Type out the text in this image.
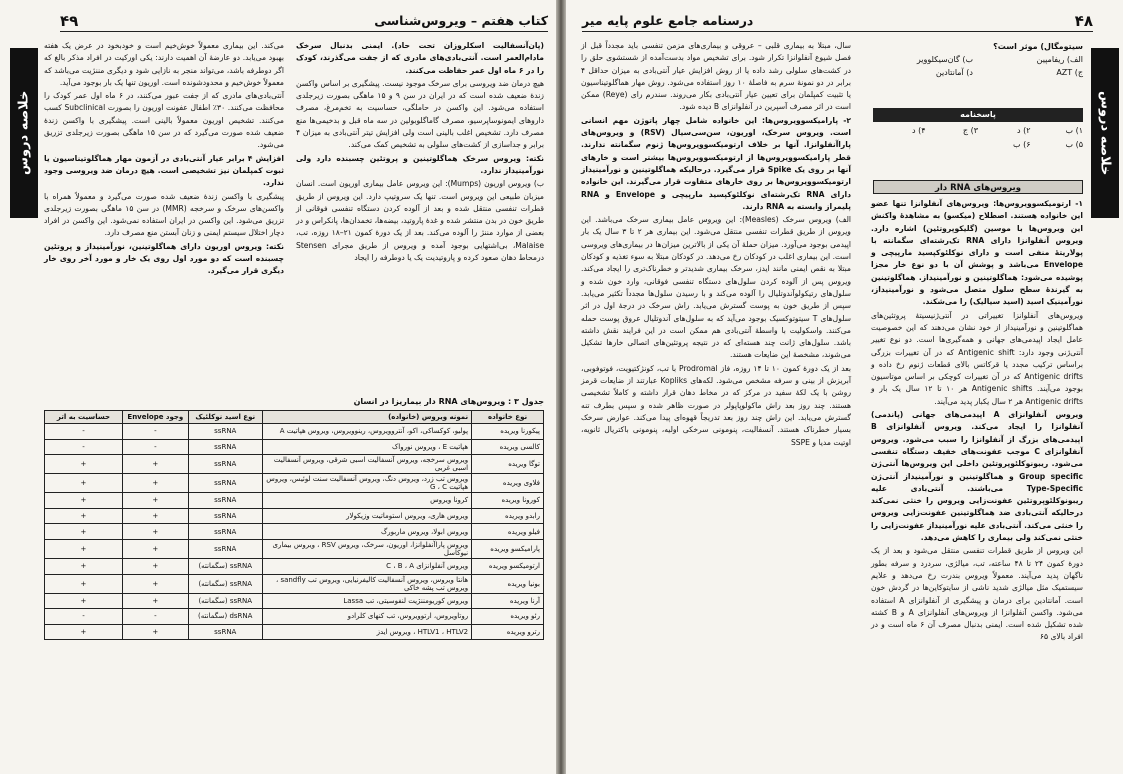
کتاب هفتم – ویروس‌شناسی
۴۹
خلاصه دروس

(پان‌آنسفالیت اسکلروزان تحت حاد). ایمنی بدنبال سرخک مادام‌العمر است. آنتی‌بادی‌های مادری که از جفت می‌گذرند، کودک را در ۶ ماه اول عمر حفاظت می‌کنند.

هیچ درمان ضد ویروسی برای سرخک موجود نیست. پیشگیری بر اساس واکسن زندهٔ ضعیف شده است که در ایران در سن ۹ و ۱۵ ماهگی بصورت زیرجلدی استفاده می‌شود. این واکسن در حاملگی، حساسیت به تخم‌مرغ، مصرف داروهای ایمونوساپرسیو، مصرف گاماگلوبولین در سه ماه قبل و بدخیمی‌ها منع مصرف دارد. تشخیص اغلب بالینی است ولی افزایش تیتر آنتی‌بادی به میزان ۴ برابر و جداسازی از کشت‌های سلولی به تشخیص کمک می‌کند.

نکته: ویروس سرخک هماگلوتینین و پروتئین چسبنده دارد ولی نورآمینیداز ندارد.

ب) ویروس اوریون (Mumps): این ویروس عامل بیماری اوریون است. انسان میزبان طبیعی این ویروس است. تنها یک سروتیپ دارد. این ویروس از طریق قطرات تنفسی منتقل شده و بعد از آلوده کردن دستگاه تنفسی فوقانی از طریق خون در بدن منتشر شده و غدهٔ پاروتید، بیضه‌ها، تخمدان‌ها، پانکراس و در بعضی از موارد مننژ را آلوده می‌کند. بعد از یک دورهٔ کمون ۲۱–۱۸ روزه، تب، Malaise، بی‌اشتهایی بوجود آمده و ویروس از طریق مجرای Stensen درمحاط دهان صعود کرده و پاروتیدیت یک یا دوطرفه را ایجاد

می‌کند. این بیماری معمولاً خوش‌خیم است و خودبخود در عرض یک هفته بهبود می‌یابد. دو عارضهٔ آن اهمیت دارند: یکی اورکیت در افراد مذکر بالغ که اگر دوطرفه باشد، می‌تواند منجر به نازایی شود و دیگری مننژیت می‌باشد که معمولاً خوش‌خیم و محدودشونده است. اوریون تنها یک بار بوجود می‌آید.

آنتی‌بادی‌های مادری که از جفت عبور می‌کنند، در ۶ ماه اول عمر کودک را محافظت می‌کنند. ۳۰٪ اطفال عفونت اوریون را بصورت Subclinical کسب می‌کنند. تشخیص اوریون معمولاً بالینی است. پیشگیری با واکسن زندهٔ ضعیف شده صورت می‌گیرد که در سن ۱۵ ماهگی بصورت زیرجلدی تزریق می‌شود.

افزایش ۴ برابر عیار آنتی‌بادی در آزمون مهار هماگلوتیناسیون یا ثبوت کمپلمان نیز تشخیصی است. هیچ درمان ضد ویروسی وجود ندارد.

پیشگیری با واکسن زندهٔ ضعیف شده صورت می‌گیرد و معمولاً همراه با واکسن‌های سرخک و سرخجه (MMR) در سن ۱۵ ماهگی بصورت زیرجلدی تزریق می‌شود. این واکسن در ایران استفاده نمی‌شود. این واکسن در افراد دچار اختلال سیستم ایمنی و زنان آبستن منع مصرف دارد.

نکته: ویروس اوریون دارای هماگلوتینین، نورآمینیداز و پروتئین چسبنده است که دو مورد اول روی یک خار و مورد آخر روی خار دیگری قرار می‌گیرد.

جدول ۳ : ویروس‌های RNA دار بیماریزا در انسان
نوع خانواده	نمونه ویروس (خانواده)	نوع اسید نوکلئیک	وجود Envelope	حساسیت به اتر
پیکورنا ویریده	پولیو، کوکساکی، اکو، آنتروویروس، رینوویروس، ویروس هپاتیت A	ssRNA	-	-
کالسی ویریده	هپاتیت E ، ویروس نورواک	ssRNA	-	-
توگا ویریده	ویروس سرخجه، ویروس آنسفالیت اسبی شرقی، ویروس آنسفالیت اسبی غربی	ssRNA	+	+
فلاوی ویریده	ویروس تب زرد، ویروس دنگ، ویروس آنسفالیت سنت لوئیس، ویروس هپاتیت G ، C	ssRNA	+	+
کورونا ویریده	کرونا ویروس	ssRNA	+	+
رابدو ویریده	ویروس هاری، ویروس استوماتیت وزیکولار	ssRNA	+	+
فیلو ویریده	ویروس ابولا، ویروس ماربورگ	ssRNA	+	+
پارامیکسو ویریده	ویروس پاراآنفلوانزا، اوریون، سرخک، ویروس RSV ، ویروس بیماری نیوکاسل	ssRNA	+	+
ارتومیکسو ویریده	ویروس آنفلوانزای C ، B ، A	ssRNA (سگمانته)	+	+
بونیا ویریده	هانتا ویروس، ویروس آنسفالیت کالیفرنیایی، ویروس تب sandfly ، ویروس تب پشه خاکی	ssRNA (سگمانته)	+	+
آرنا ویریده	ویروس کوریومننژیت لنفوسیتی، تب Lassa	ssRNA (سگمانته)	+	+
رئو ویریده	روتاویروس، ارتوویروس، تب کنهای کلرادو	dsRNA (سگمانته)	-	-
رترو ویریده	HTLV1 ، HTLV2 ، ویروس ایدز	ssRNA	+	+
۴۸
درسنامه جامع علوم پایه میر
خلاصه دروس
سیتومگال) موثر است؟
الف) ریفامپین
ب) گان‌سیکلوویر
ج) AZT
د) آمانتادین
پاسخنامه
۱) ب
۲) د
۳) ج
۴) د
۵) ب
۶) ب
ویروس‌های RNA دار

۱- ارتومیکسوویروس‌ها: ویروس‌های آنفلوانزا تنها عضو این خانواده هستند. اصطلاح (میکسو) به مشاهدهٔ واکنش این ویروس‌ها با موسین (گلیکوپروتئین) اشاره دارد. ویروس آنفلوانزا دارای RNA تک‌رشته‌ای سگمانته با پولاریتهٔ منفی است و دارای نوکلئوکپسید مارپیچی و Envelope می‌باشد و پوشش آن با دو نوع خار مجزا پوشیده می‌شود: هماگلوتینین و نورآمینیداز. هماگلوتینین به گیرندهٔ سطح سلول متصل می‌شود و نورآمینیداز، نورآمینیک اسید (اسید سیالیک) را می‌شکند.

ویروس‌های آنفلوانزا تغییراتی در آنتی‌ژنیسیتهٔ پروتئین‌های هماگلوتینین و نورآمینیداز از خود نشان می‌دهند که این خصوصیت عامل ایجاد اپیدمی‌های جهانی و همه‌گیری‌ها است. دو نوع تغییر آنتی‌ژنی وجود دارد: Antigenic shift که در آن تغییرات بزرگی براساس ترکیب مجدد یا قرکاتس بالای قطعات ژنوم رخ داده و Antigenic drifts که در آن تغییرات کوچکی بر اساس موتاسیون بوجود می‌آیند. Antigenic shifts هر ۱۰ تا ۱۲ سال یک بار و Antigenic drifts هر ۲ سال یکبار پدید می‌آیند.

ویروس آنفلوانزای A اپیدمی‌های جهانی (پاندمی) آنفلوانزا را ایجاد می‌کند. ویروس آنفلوانزای B اپیدمی‌های بزرگ از آنفلوانزا را سبب می‌شود. ویروس آنفلوانزای C موجب عفونت‌های خفیف دستگاه تنفسی می‌شود. ریبونوکلئوپروتئین داخلی این ویروس‌ها آنتی‌ژن Group specific و هماگلوتینین و نورآمینیداز آنتی‌ژن Type-Specific می‌باشند. آنتی‌بادی علیه ریبونوکلئوپروتئین عفونت‌زایی ویروس را خنثی نمی‌کند درحالیکه آنتی‌بادی ضد هماگلوتینین عفونت‌زایی ویروس را خنثی می‌کند. آنتی‌بادی علیه نورآمینیداز عفونت‌زایی را خنثی نمی‌کند ولی بیماری را کاهش می‌دهد.

این ویروس از طریق قطرات تنفسی منتقل می‌شود و بعد از یک دورهٔ کمون ۲۴ تا ۴۸ ساعته، تب، میالژی، سردرد و سرفه بطور ناگهان پدید می‌آیند. معمولاً ویروس بندرت رخ می‌دهد و علایم سیستمیک مثل میالژی شدید ناشی از سایتوکاین‌ها در گردش خون است. آمانتادین برای درمان و پیشگیری از آنفلوانزای A استفاده می‌شود. واکسن آنفلوانزا از ویروس‌های آنفلوانزای A و B کشته شده تشکیل شده است. ایمنی بدنبال مصرف آن ۶ ماه است و در افراد بالای ۶۵

سال، مبتلا به بیماری قلبی – عروقی و بیماری‌های مزمن تنفسی باید مجدداً قبل از فصل شیوع آنفلوانزا تکرار شود. برای تشخیص مواد بدست‌آمده از شستشوی حلق را در کشت‌های سلولی رشد داده یا از روش افزایش عیار آنتی‌بادی به میزان حداقل ۴ برابر در دو نمونهٔ سرم به فاصلهٔ ۱۰ روز استفاده می‌شود. روش مهار هماگلوتیناسیون یا تثبیت کمپلمان برای تعیین عیار آنتی‌بادی بکار می‌روند. سندرم رای (Reye) ممکن است در اثر مصرف آسپرین در آنفلوانزای B دیده شود.

۲- پارامیکسوویروس‌ها: این خانواده شامل چهار پاتوژن مهم انسانی است. ویروس سرخک، اوریون، سن‌سی‌سیال (RSV) و ویروس‌های پاراآنفلوانزا. آنها بر خلاف ارتومیکسوویروس‌ها ژنوم سگمانته ندارند. قطر پارامیکسوویروس‌ها از ارتومیکسوویروس‌ها بیشتر است و خارهای آنها بر روی یک Spike قرار می‌گیرد. درحالیکه هماگلوتینین و نورآمینیداز ارتومیکسوویروس‌ها بر روی خارهای متفاوت قرار می‌گیرند. این خانواده دارای RNA تک‌رشته‌ای نوکلئوکپسید مارپیچی و Envelope و RNA پلیمراز وابسته به RNA دارند.

الف) ویروس سرخک (Measles): این ویروس عامل بیماری سرخک می‌باشد. این ویروس از طریق قطرات تنفسی منتقل می‌شود. این بیماری هر ۲ تا ۳ سال یک بار اپیدمی بوجود می‌آورد. میزان حملهٔ آن یکی از بالاترین میزان‌ها در بیماری‌های ویروسی است. این بیماری اغلب در کودکان رخ می‌دهد. در کودکان مبتلا به سوء تغذیه و کودکان مبتلا به نقص ایمنی مانند ایدز، سرخک بیماری شدیدتر و خطرناک‌تری را ایجاد می‌کند. ویروس پس از آلوده کردن سلول‌های دستگاه تنفسی فوقانی، وارد خون شده و سلول‌های رتیکولوآندوتلیال را آلوده می‌کند و با رسیدن سلول‌ها مجدداً تکثیر می‌یابد. سپس از طریق خون به پوست گسترش می‌یابد. راش سرخک در درجهٔ اول در اثر سلول‌های T سیتوتوکسیک بوجود می‌آید که به سلول‌های آندوتلیال عروق پوست حمله می‌کنند. واسکولیت با واسطهٔ آنتی‌بادی هم ممکن است در این فرایند نقش داشته باشد. سلول‌های ژانت چند هسته‌ای که در نتیجه پروتئین‌های اتصالی خارها تشکیل می‌شوند، مشخصهٔ این ضایعات هستند.

بعد از یک دورهٔ کمون ۱۰ تا ۱۴ روزه، فاز Prodromal با تب، کونژکتیویت، فوتوفوبی، آبریزش از بینی و سرفه مشخص می‌شود. لکه‌های Kopliks عبارتند از ضایعات قرمز روشن با یک لکهٔ سفید در مرکز که در مخاط دهان قرار داشته و کاملاً تشخیصی هستند. چند روز بعد راش ماکولوپاپولر در صورت ظاهر شده و سپس بطرف تنه گسترش می‌یابد. این راش چند روز بعد تدریجاً قهوه‌ای پیدا می‌کند. عوارض سرخک بسیار خطرناک هستند. آنسفالیت، پنومونی سرخکی اولیه، پنومونی باکتریال ثانویه، اوتیت مدیا و SSPE
